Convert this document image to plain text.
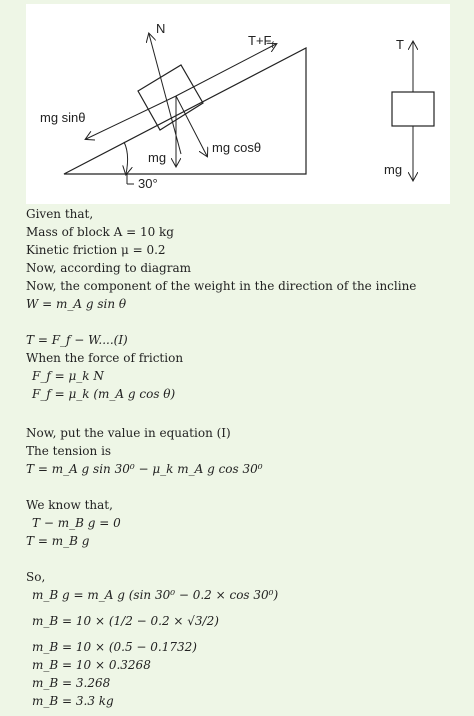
N
$T+F_f$
mg sinθ
mg
mg cosθ
30°
T
mg
Given that,
Mass of block A = 10 kg
Kinetic friction μ = 0.2
Now, according to diagram
Now, the component of the weight in the direction of the incline
W = m_A g sin θ
T = F_f − W....(I)
When the force of friction
F_f = μ_k N
F_f = μ_k (m_A g cos θ)
Now, put the value in equation (I)
The tension is
T = m_A g sin 30⁰ − μ_k m_A g cos 30⁰
We know that,
T − m_B g = 0
T = m_B g
So,
m_B g = m_A g (sin 30⁰ − 0.2 × cos 30⁰)
m_B = 10 × (1/2 − 0.2 × √3/2)
m_B = 10 × (0.5 − 0.1732)
m_B = 10 × 0.3268
m_B = 3.268
m_B = 3.3 kg
